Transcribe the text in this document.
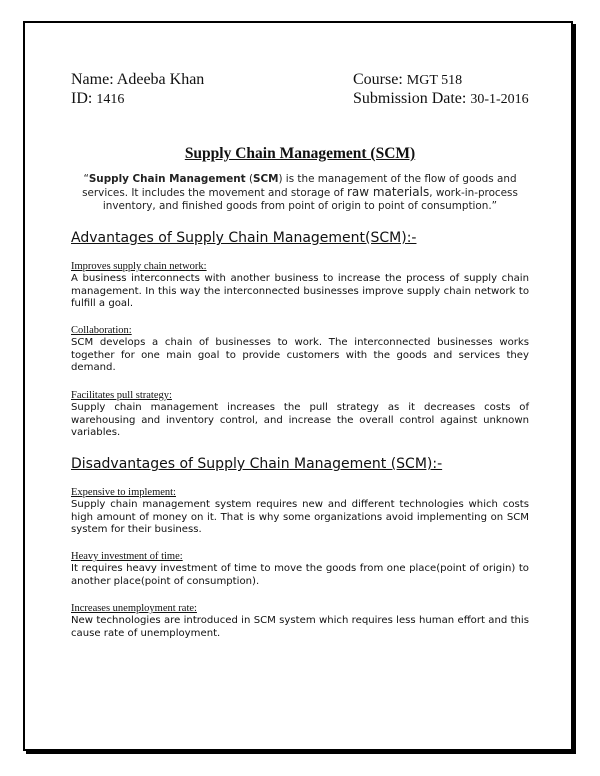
Name: Adeeba Khan
ID: 1416
Course: MGT 518
Submission Date: 30-1-2016
Supply Chain Management (SCM)
“Supply Chain Management (SCM) is the management of the flow of goods and services. It includes the movement and storage of raw materials, work-in-process inventory, and finished goods from point of origin to point of consumption.”
Advantages of Supply Chain Management(SCM):-
Improves supply chain network:
A business interconnects with another business to increase the process of supply chain management. In this way the interconnected businesses improve supply chain network to fulfill a goal.
Collaboration:
SCM develops a chain of businesses to work. The interconnected businesses works together for one main goal to provide customers with the goods and services they demand.
Facilitates pull strategy:
Supply chain management increases the pull strategy as it decreases costs of warehousing and inventory control, and increase the overall control against unknown variables.
Disadvantages of Supply Chain Management (SCM):-
Expensive to implement:
Supply chain management system requires new and different technologies which costs high amount of money on it. That is why some organizations avoid implementing on SCM system for their business.
Heavy investment of time:
It requires heavy investment of time to move the goods from one place(point of origin) to another place(point of consumption).
Increases unemployment rate:
New technologies are introduced in SCM system which requires less human effort and this cause rate of unemployment.
